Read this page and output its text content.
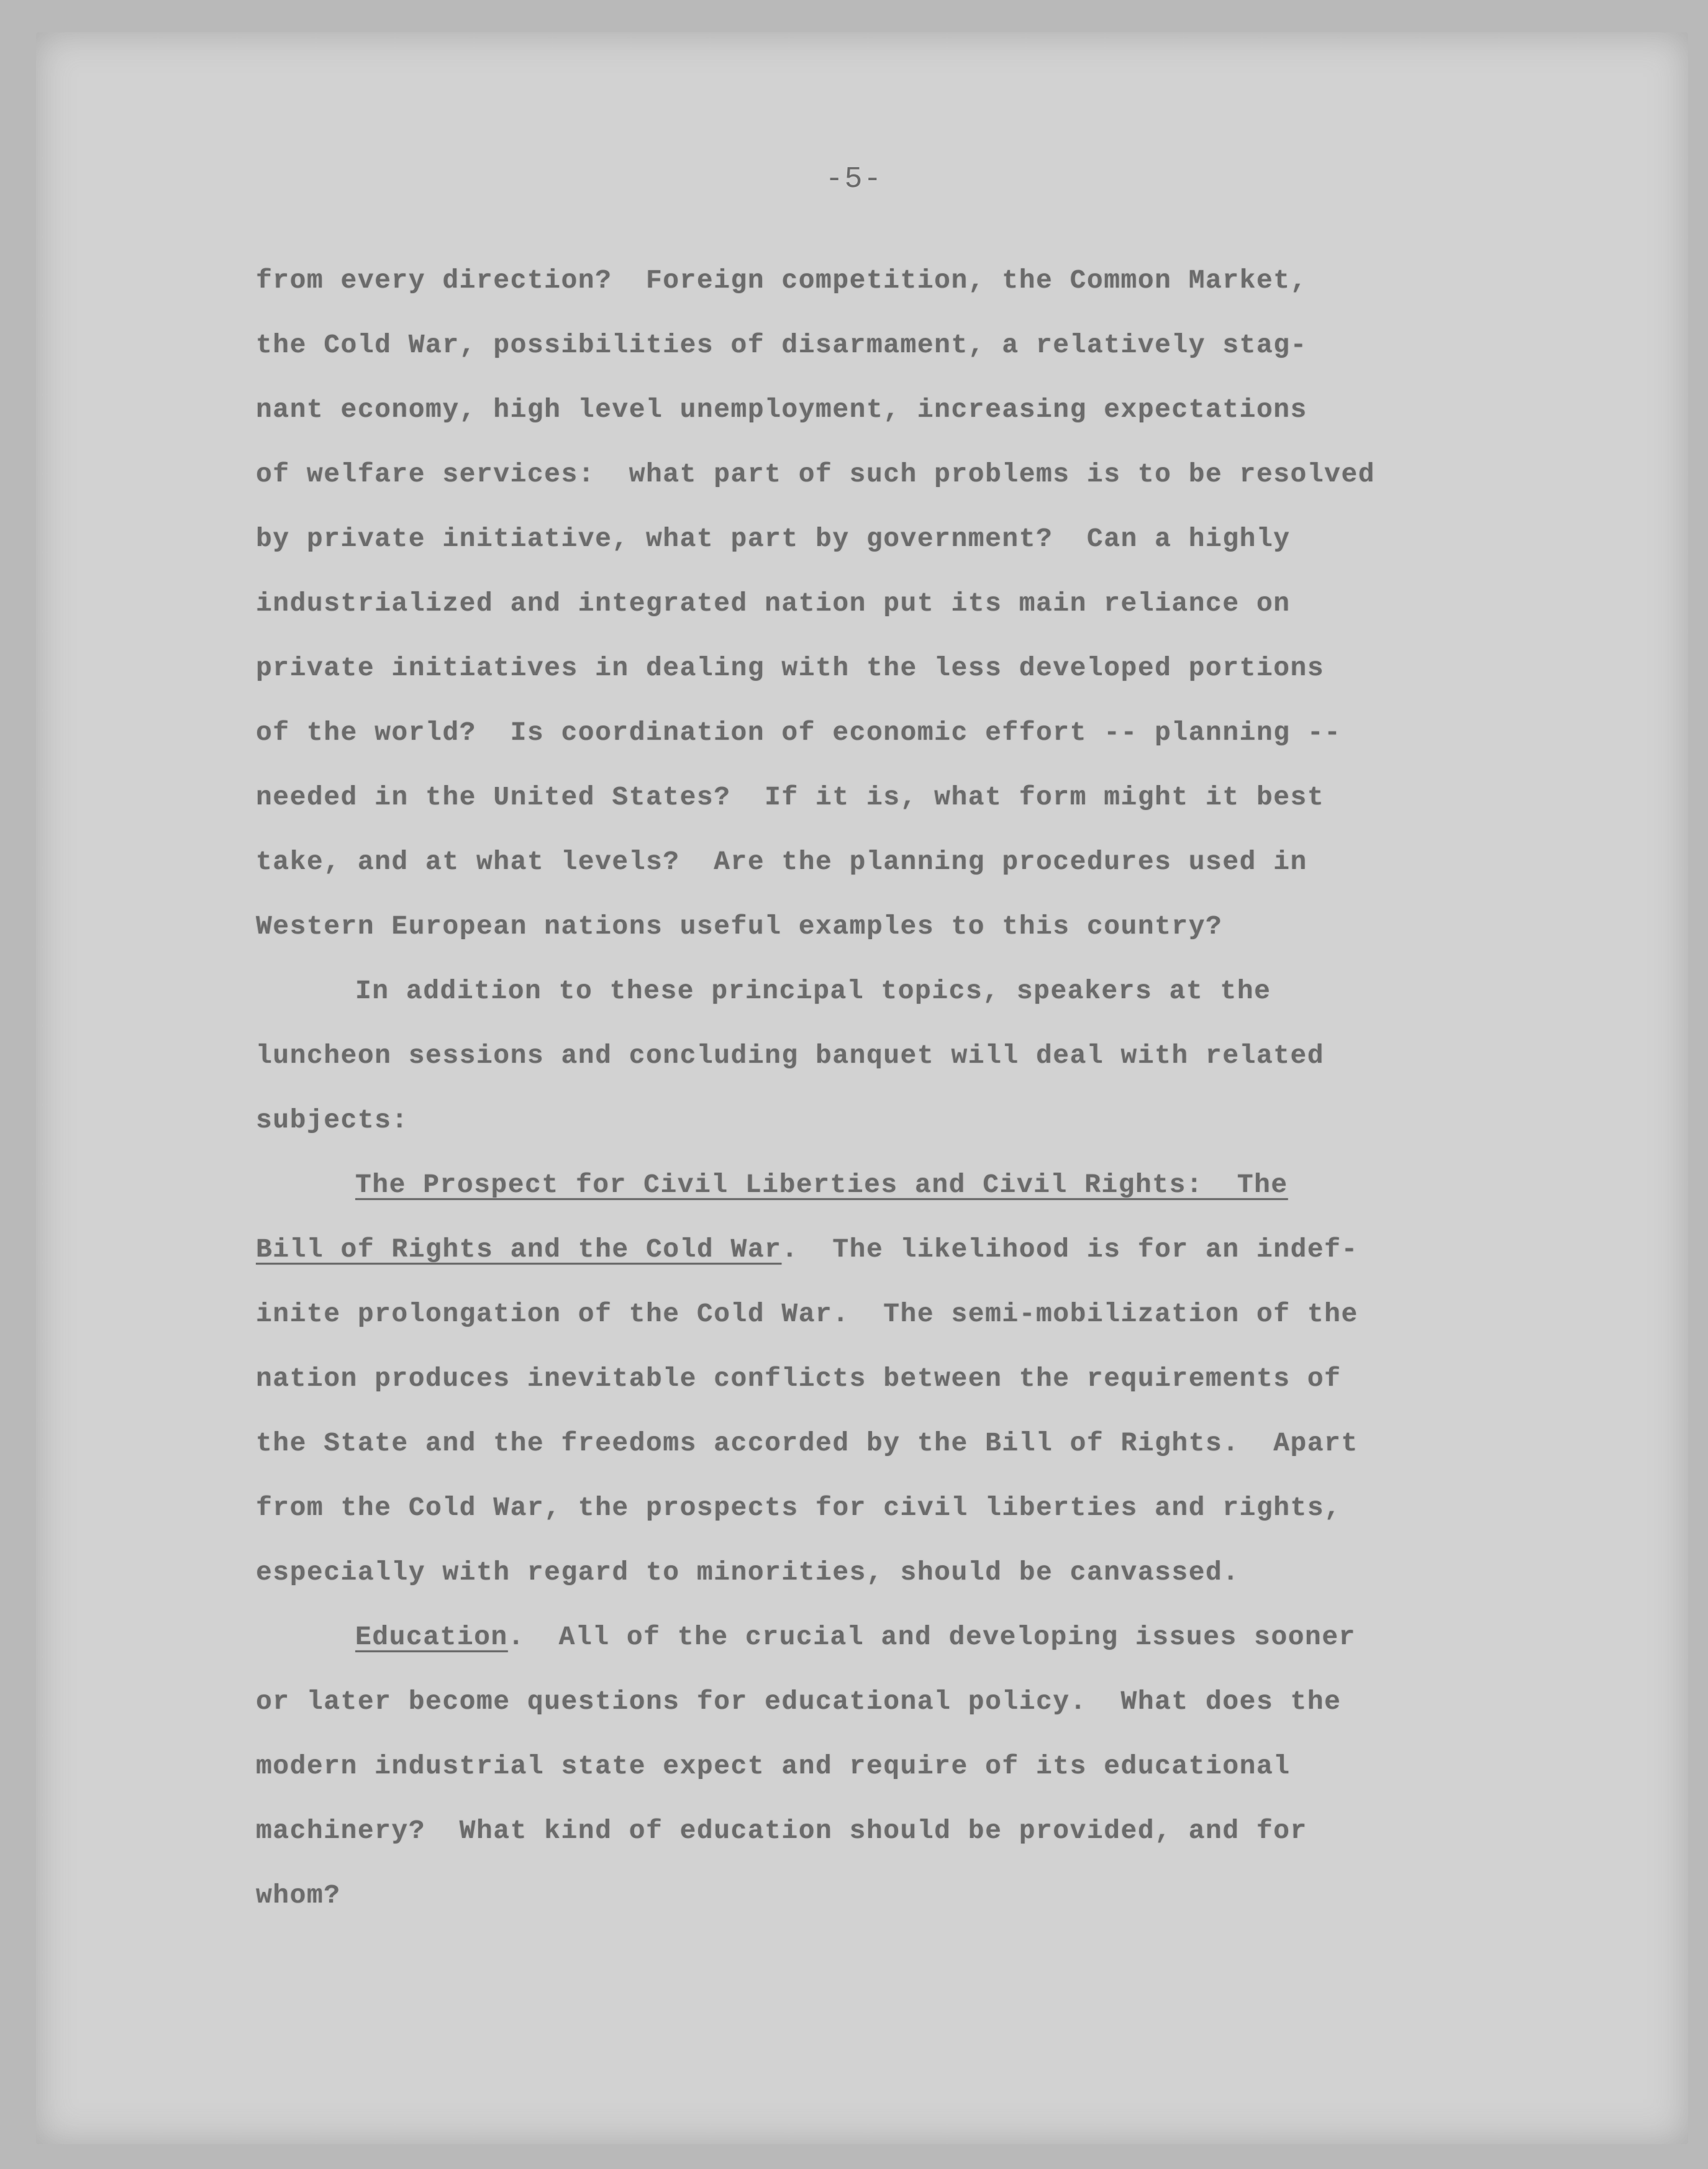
-5-
from every direction?  Foreign competition, the Common Market,
the Cold War, possibilities of disarmament, a relatively stag-
nant economy, high level unemployment, increasing expectations
of welfare services:  what part of such problems is to be resolved
by private initiative, what part by government?  Can a highly
industrialized and integrated nation put its main reliance on
private initiatives in dealing with the less developed portions
of the world?  Is coordination of economic effort -- planning --
needed in the United States?  If it is, what form might it best
take, and at what levels?  Are the planning procedures used in
Western European nations useful examples to this country?
In addition to these principal topics, speakers at the
luncheon sessions and concluding banquet will deal with related
subjects:
The Prospect for Civil Liberties and Civil Rights:  The
Bill of Rights and the Cold War.  The likelihood is for an indef-
inite prolongation of the Cold War.  The semi-mobilization of the
nation produces inevitable conflicts between the requirements of
the State and the freedoms accorded by the Bill of Rights.  Apart
from the Cold War, the prospects for civil liberties and rights,
especially with regard to minorities, should be canvassed.
Education.  All of the crucial and developing issues sooner
or later become questions for educational policy.  What does the
modern industrial state expect and require of its educational
machinery?  What kind of education should be provided, and for
whom?
